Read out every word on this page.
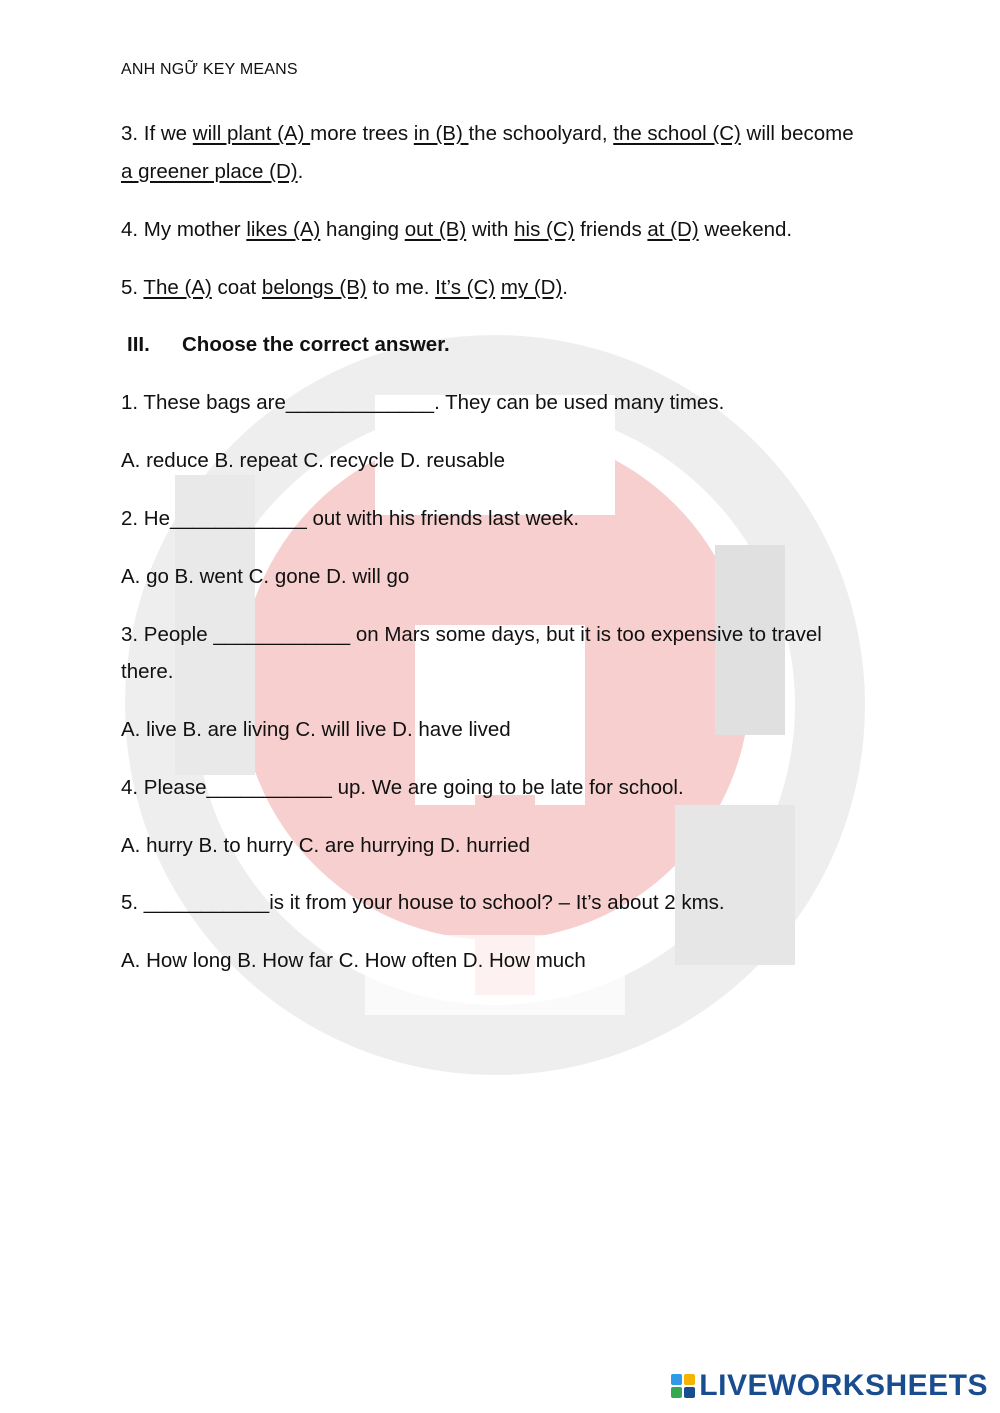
ANH NGỮ KEY MEANS
3. If we will plant (A) more trees in (B) the schoolyard, the school (C) will become
a greener place (D).
4. My mother likes (A) hanging out (B) with his (C) friends at (D) weekend.
5. The (A) coat belongs (B) to me. It’s (C) my (D).
III. Choose the correct answer.
1. These bags are_____________. They can be used many times.
A. reduce B. repeat C. recycle D. reusable
2. He____________ out with his friends last week.
A. go B. went C. gone D. will go
3. People ____________ on Mars some days, but it is too expensive to travel
there.
A. live B. are living C. will live D. have lived
4. Please___________ up. We are going to be late for school.
A. hurry B. to hurry C. are hurrying D. hurried
5. ___________is it from your house to school? – It’s about 2 kms.
A. How long B. How far C. How often D. How much
LIVEWORKSHEETS
